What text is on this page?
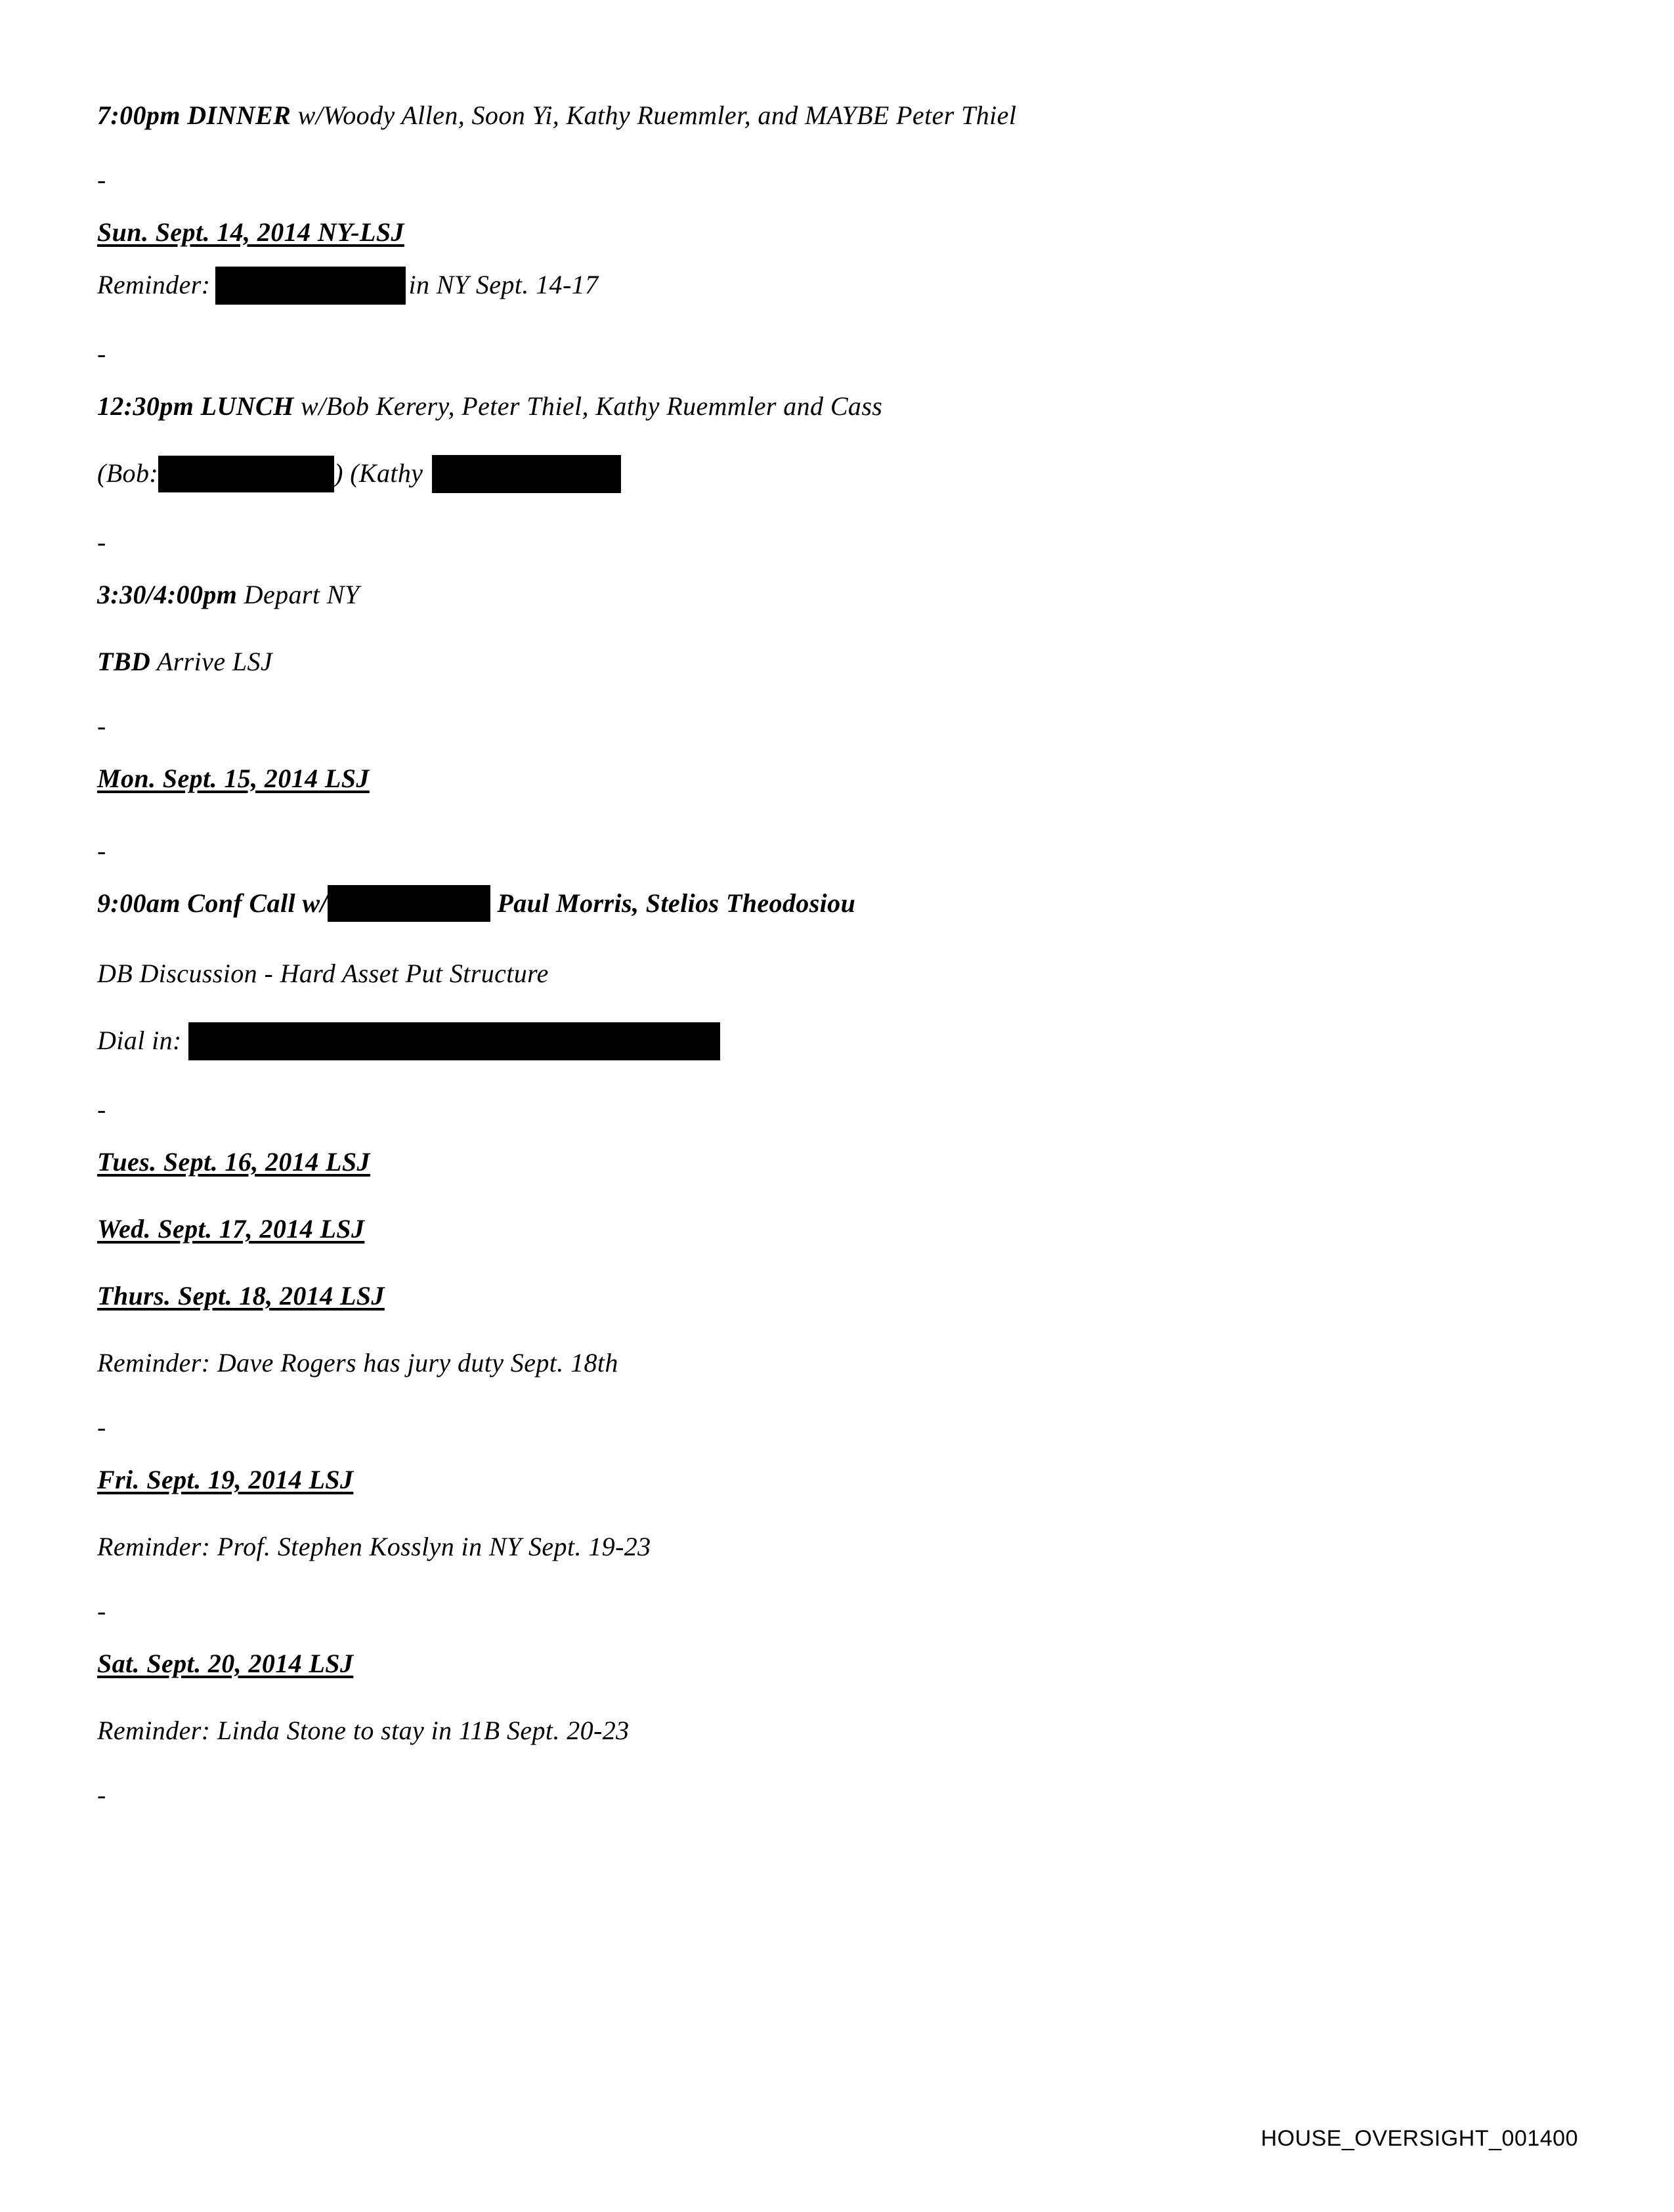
7:00pm DINNER w/Woody Allen, Soon Yi, Kathy Ruemmler, and MAYBE Peter Thiel

-

Sun. Sept. 14, 2014 NY-LSJ

Reminder:	in NY Sept. 14-17

-

12:30pm LUNCH w/Bob Kerery, Peter Thiel, Kathy Ruemmler and Cass

(Bob:	) (Kathy

-

3:30/4:00pm Depart NY

TBD Arrive LSJ

-

Mon. Sept. 15, 2014 LSJ

-

9:00am Conf Call w/	Paul Morris, Stelios Theodosiou

DB Discussion - Hard Asset Put Structure

Dial in:

-

Tues. Sept. 16, 2014 LSJ

Wed. Sept. 17, 2014 LSJ

Thurs. Sept. 18, 2014 LSJ

Reminder: Dave Rogers has jury duty Sept. 18th

-

Fri. Sept. 19, 2014 LSJ

Reminder: Prof. Stephen Kosslyn in NY Sept. 19-23

-

Sat. Sept. 20, 2014 LSJ

Reminder: Linda Stone to stay in 11B Sept. 20-23

-

HOUSE_OVERSIGHT_001400
